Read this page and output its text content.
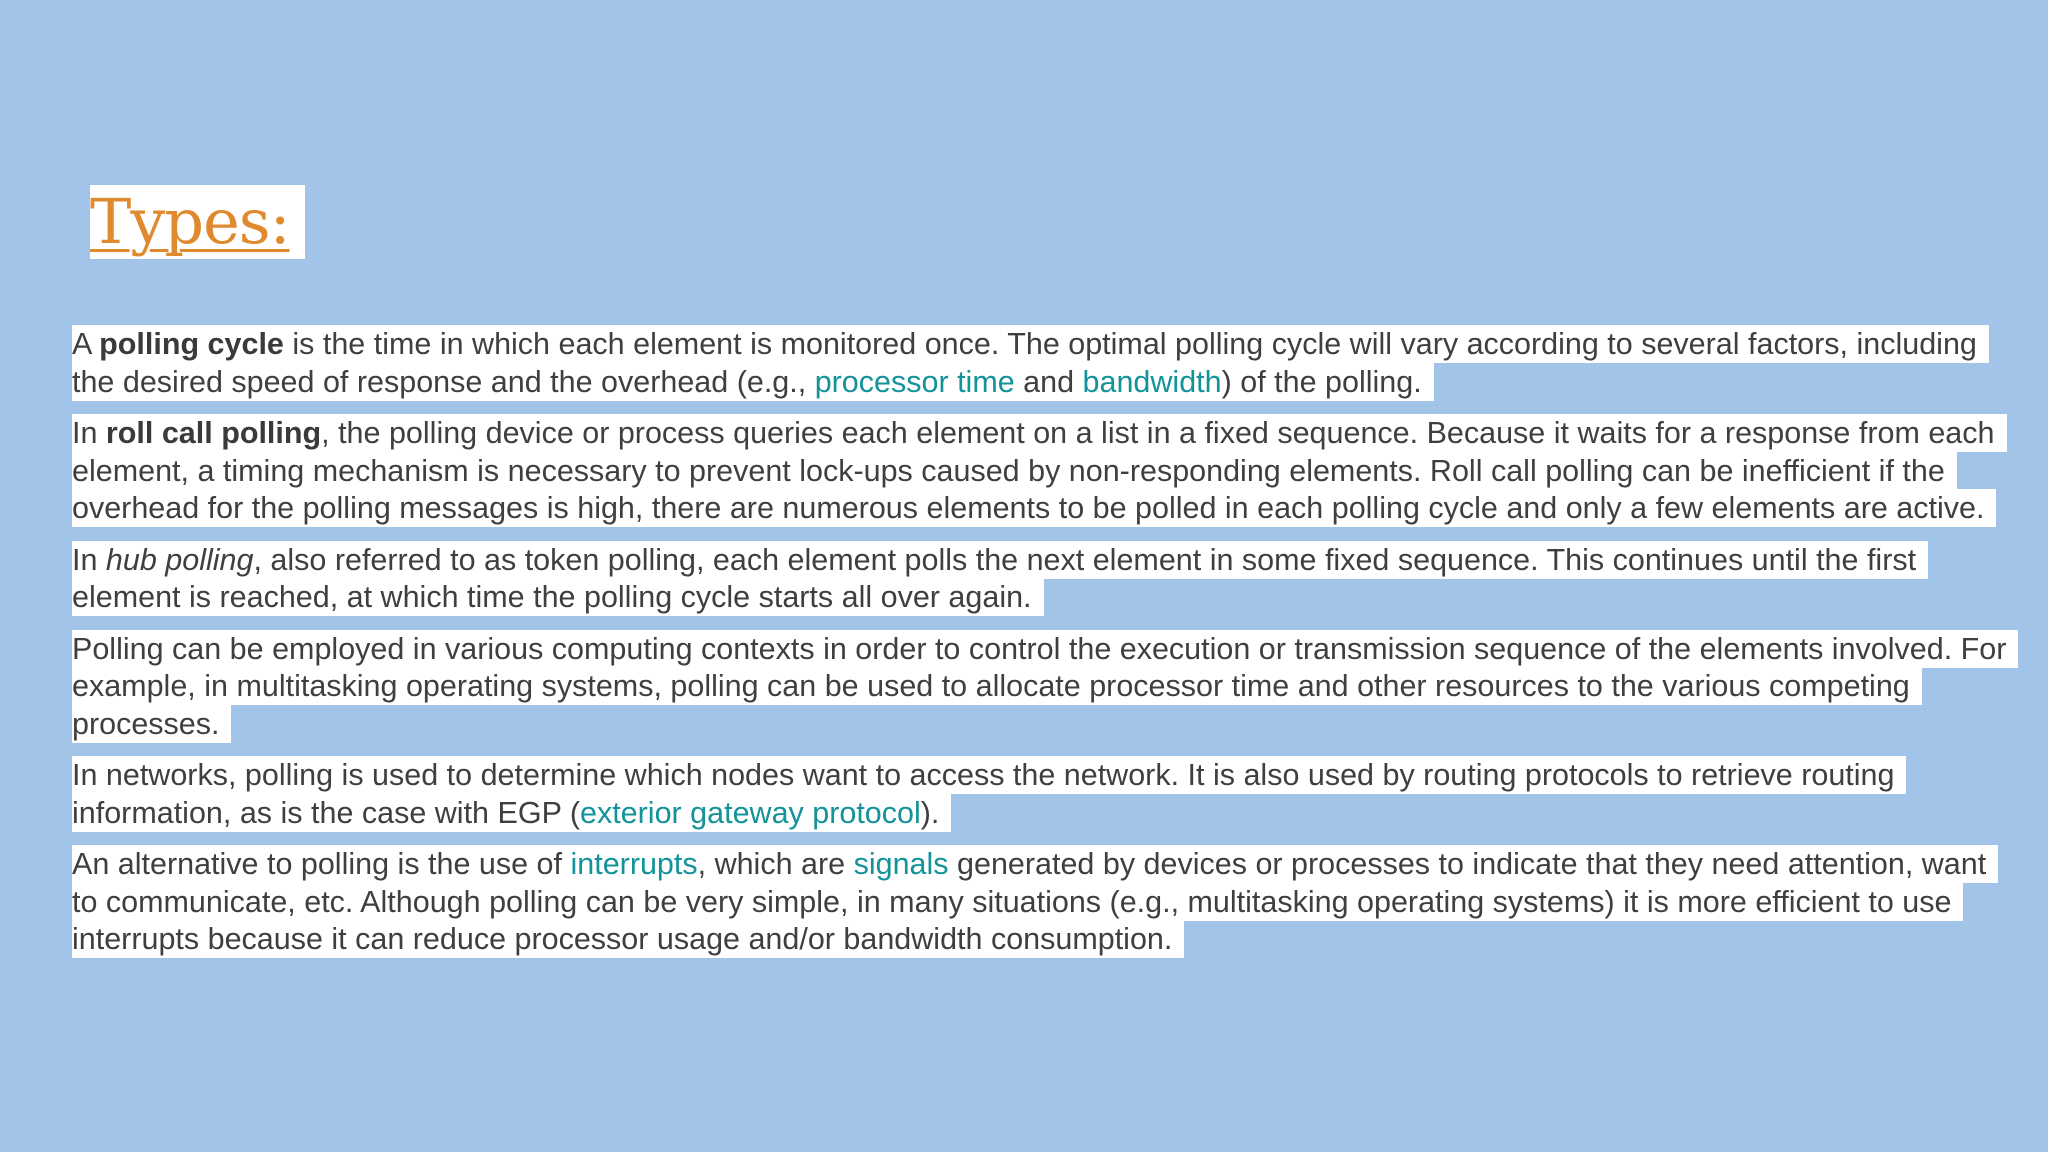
Types:

A polling cycle is the time in which each element is monitored once. The optimal polling cycle will vary according to several factors, including the desired speed of response and the overhead (e.g., processor time and bandwidth) of the polling.

In roll call polling, the polling device or process queries each element on a list in a fixed sequence. Because it waits for a response from each element, a timing mechanism is necessary to prevent lock-ups caused by non-responding elements. Roll call polling can be inefficient if the overhead for the polling messages is high, there are numerous elements to be polled in each polling cycle and only a few elements are active.

In hub polling, also referred to as token polling, each element polls the next element in some fixed sequence. This continues until the first element is reached, at which time the polling cycle starts all over again.

Polling can be employed in various computing contexts in order to control the execution or transmission sequence of the elements involved. For example, in multitasking operating systems, polling can be used to allocate processor time and other resources to the various competing processes.

In networks, polling is used to determine which nodes want to access the network. It is also used by routing protocols to retrieve routing information, as is the case with EGP (exterior gateway protocol).

An alternative to polling is the use of interrupts, which are signals generated by devices or processes to indicate that they need attention, want to communicate, etc. Although polling can be very simple, in many situations (e.g., multitasking operating systems) it is more efficient to use interrupts because it can reduce processor usage and/or bandwidth consumption.
